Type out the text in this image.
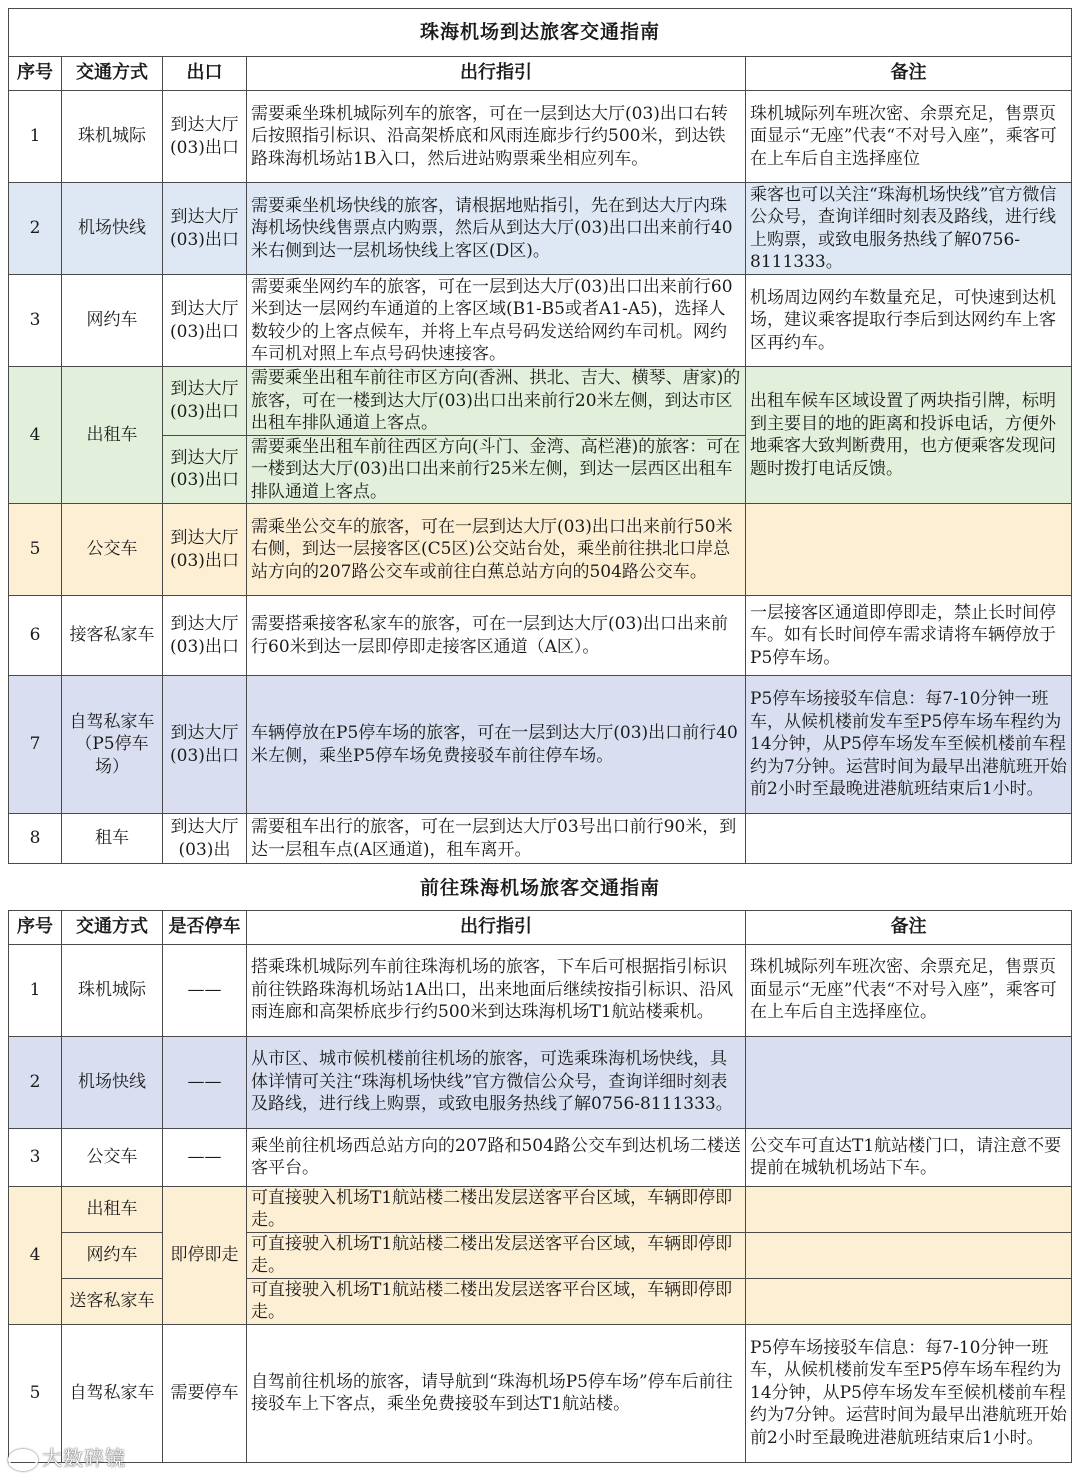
珠海机场到达旅客交通指南				
序号	交通方式	出口	出行指引	备注
1	珠机城际	到达大厅(03)出口	需要乘坐珠机城际列车的旅客，可在一层到达大厅(03)出口右转后按照指引标识、沿高架桥底和风雨连廊步行约500米，到达铁路珠海机场站1B入口，然后进站购票乘坐相应列车。	珠机城际列车班次密、余票充足，售票页面显示“无座”代表“不对号入座”，乘客可在上车后自主选择座位
2	机场快线	到达大厅(03)出口	需要乘坐机场快线的旅客，请根据地贴指引，先在到达大厅内珠海机场快线售票点内购票，然后从到达大厅(03)出口出来前行40米右侧到达一层机场快线上客区(D区)。	乘客也可以关注“珠海机场快线”官方微信公众号，查询详细时刻表及路线，进行线上购票，或致电服务热线了解0756-8111333。
3	网约车	到达大厅(03)出口	需要乘坐网约车的旅客，可在一层到达大厅(03)出口出来前行60米到达一层网约车通道的上客区域(B1-B5或者A1-A5)，选择人数较少的上客点候车，并将上车点号码发送给网约车司机。网约车司机对照上车点号码快速接客。	机场周边网约车数量充足，可快速到达机场，建议乘客提取行李后到达网约车上客区再约车。
4	出租车	到达大厅(03)出口	需要乘坐出租车前往市区方向(香洲、拱北、吉大、横琴、唐家)的旅客，可在一楼到达大厅(03)出口出来前行20米左侧，到达市区出租车排队通道上客点。	出租车候车区域设置了两块指引牌，标明到主要目的地的距离和投诉电话，方便外地乘客大致判断费用，也方便乘客发现问题时拨打电话反馈。
		到达大厅(03)出口	需要乘坐出租车前往西区方向(斗门、金湾、高栏港)的旅客：可在一楼到达大厅(03)出口出来前行25米左侧，到达一层西区出租车排队通道上客点。	
5	公交车	到达大厅(03)出口	需乘坐公交车的旅客，可在一层到达大厅(03)出口出来前行50米右侧，到达一层接客区(C5区)公交站台处，乘坐前往拱北口岸总站方向的207路公交车或前往白蕉总站方向的504路公交车。	
6	接客私家车	到达大厅(03)出口	需要搭乘接客私家车的旅客，可在一层到达大厅(03)出口出来前行60米到达一层即停即走接客区通道（A区）。	一层接客区通道即停即走，禁止长时间停车。如有长时间停车需求请将车辆停放于P5停车场。
7	自驾私家车（P5停车场）	到达大厅(03)出口	车辆停放在P5停车场的旅客，可在一层到达大厅(03)出口前行40米左侧，乘坐P5停车场免费接驳车前往停车场。	P5停车场接驳车信息：每7-10分钟一班车，从候机楼前发车至P5停车场车程约为14分钟，从P5停车场发车至候机楼前车程约为7分钟。运营时间为最早出港航班开始前2小时至最晚进港航班结束后1小时。
8	租车	到达大厅(03)出	需要租车出行的旅客，可在一层到达大厅03号出口前行90米，到达一层租车点(A区通道)，租车离开。	
前往珠海机场旅客交通指南				
序号	交通方式	是否停车	出行指引	备注
1	珠机城际	——	搭乘珠机城际列车前往珠海机场的旅客，下车后可根据指引标识前往铁路珠海机场站1A出口，出来地面后继续按指引标识、沿风雨连廊和高架桥底步行约500米到达珠海机场T1航站楼乘机。	珠机城际列车班次密、余票充足，售票页面显示“无座”代表“不对号入座”，乘客可在上车后自主选择座位。
2	机场快线	——	从市区、城市候机楼前往机场的旅客，可选乘珠海机场快线，具体详情可关注“珠海机场快线”官方微信公众号，查询详细时刻表及路线，进行线上购票，或致电服务热线了解0756-8111333。	
3	公交车	——	乘坐前往机场西总站方向的207路和504路公交车到达机场二楼送客平台。	公交车可直达T1航站楼门口，请注意不要提前在城轨机场站下车。
4	出租车	即停即走	可直接驶入机场T1航站楼二楼出发层送客平台区域，车辆即停即走。	
	网约车		可直接驶入机场T1航站楼二楼出发层送客平台区域，车辆即停即走。	
	送客私家车		可直接驶入机场T1航站楼二楼出发层送客平台区域，车辆即停即走。	
5	自驾私家车	需要停车	自驾前往机场的旅客，请导航到“珠海机场P5停车场”停车后前往接驳车上下客点，乘坐免费接驳车到达T1航站楼。	P5停车场接驳车信息：每7-10分钟一班车，从候机楼前发车至P5停车场车程约为14分钟，从P5停车场发车至候机楼前车程约为7分钟。运营时间为最早出港航班开始前2小时至最晚进港航班结束后1小时。
大数碎镜
